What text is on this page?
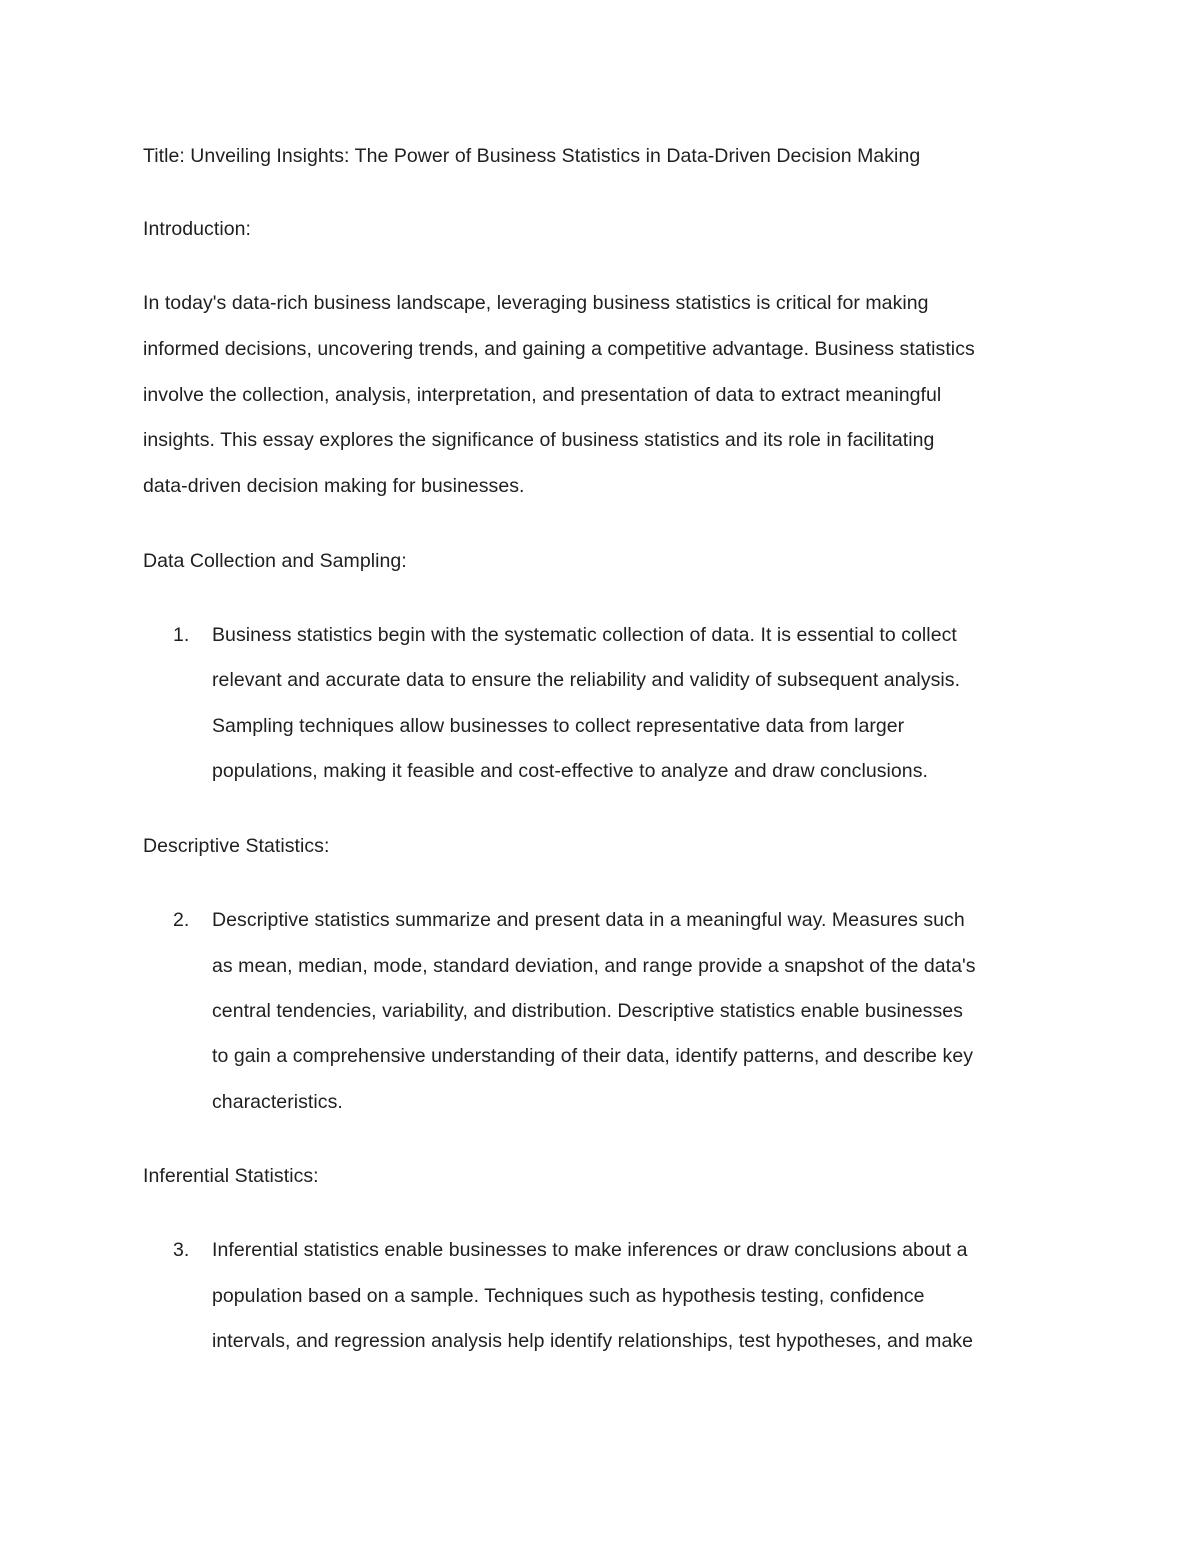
Title: Unveiling Insights: The Power of Business Statistics in Data-Driven Decision Making
Introduction:
In today's data-rich business landscape, leveraging business statistics is critical for making
informed decisions, uncovering trends, and gaining a competitive advantage. Business statistics
involve the collection, analysis, interpretation, and presentation of data to extract meaningful
insights. This essay explores the significance of business statistics and its role in facilitating
data-driven decision making for businesses.
Data Collection and Sampling:
1. Business statistics begin with the systematic collection of data. It is essential to collect
relevant and accurate data to ensure the reliability and validity of subsequent analysis.
Sampling techniques allow businesses to collect representative data from larger
populations, making it feasible and cost-effective to analyze and draw conclusions.
Descriptive Statistics:
2. Descriptive statistics summarize and present data in a meaningful way. Measures such
as mean, median, mode, standard deviation, and range provide a snapshot of the data's
central tendencies, variability, and distribution. Descriptive statistics enable businesses
to gain a comprehensive understanding of their data, identify patterns, and describe key
characteristics.
Inferential Statistics:
3. Inferential statistics enable businesses to make inferences or draw conclusions about a
population based on a sample. Techniques such as hypothesis testing, confidence
intervals, and regression analysis help identify relationships, test hypotheses, and make
